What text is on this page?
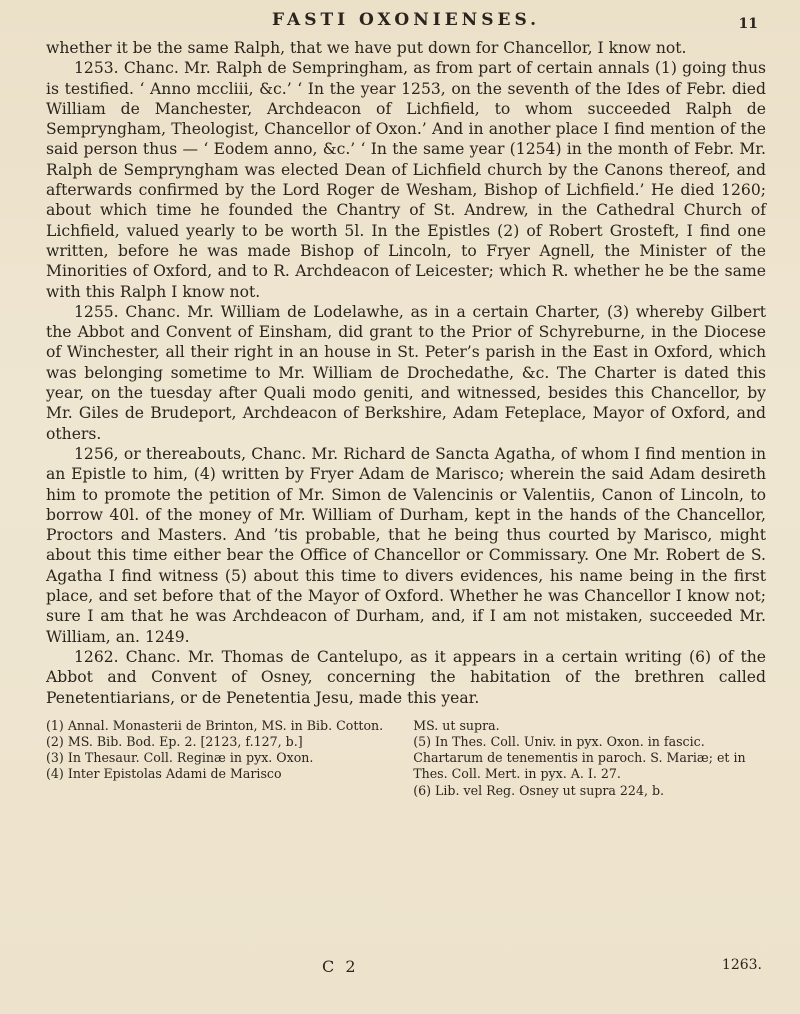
FASTI OXONIENSES.	11

whether it be the same Ralph, that we have put down for Chancellor, I know not.

1253. Chanc. Mr. Ralph de Sempringham, as from part of certain annals (1) going thus is testified. ‘ Anno mccliii, &c.’ ‘ In the year 1253, on the seventh of the Ides of Febr. died William de Manchester, Archdeacon of Lichfield, to whom succeeded Ralph de Sempryngham, Theologist, Chancellor of Oxon.’ And in another place I find mention of the said person thus — ‘ Eodem anno, &c.’ ‘ In the same year (1254) in the month of Febr. Mr. Ralph de Sempryngham was elected Dean of Lichfield church by the Canons thereof, and afterwards confirmed by the Lord Roger de Wesham, Bishop of Lichfield.’ He died 1260; about which time he founded the Chantry of St. Andrew, in the Cathedral Church of Lichfield, valued yearly to be worth 5l. In the Epistles (2) of Robert Grosteft, I find one written, before he was made Bishop of Lincoln, to Fryer Agnell, the Minister of the Minorities of Oxford, and to R. Archdeacon of Leicester; which R. whether he be the same with this Ralph I know not.

1255. Chanc. Mr. William de Lodelawhe, as in a certain Charter, (3) whereby Gilbert the Abbot and Convent of Einsham, did grant to the Prior of Schyreburne, in the Diocese of Winchester, all their right in an house in St. Peter’s parish in the East in Oxford, which was belonging sometime to Mr. William de Drochedathe, &c. The Charter is dated this year, on the tuesday after Quali modo geniti, and witnessed, besides this Chancellor, by Mr. Giles de Brudeport, Archdeacon of Berkshire, Adam Feteplace, Mayor of Oxford, and others.

1256, or thereabouts, Chanc. Mr. Richard de Sancta Agatha, of whom I find mention in an Epistle to him, (4) written by Fryer Adam de Marisco; wherein the said Adam desireth him to promote the petition of Mr. Simon de Valencinis or Valentiis, Canon of Lincoln, to borrow 40l. of the money of Mr. William of Durham, kept in the hands of the Chancellor, Proctors and Masters. And ’tis probable, that he being thus courted by Marisco, might about this time either bear the Office of Chancellor or Commissary. One Mr. Robert de S. Agatha I find witness (5) about this time to divers evidences, his name being in the first place, and set before that of the Mayor of Oxford. Whether he was Chancellor I know not; sure I am that he was Archdeacon of Durham, and, if I am not mistaken, succeeded Mr. William, an. 1249.

1262. Chanc. Mr. Thomas de Cantelupo, as it appears in a certain writing (6) of the Abbot and Convent of Osney, concerning the habitation of the brethren called Penetentiarians, or de Penetentia Jesu, made this year.

(1) Annal. Monasterii de Brinton, MS. in Bib. Cotton.

(2) MS. Bib. Bod. Ep. 2. [2123, f.127, b.]

(3) In Thesaur. Coll. Reginæ in pyx. Oxon.

(4) Inter Epistolas Adami de Marisco

MS. ut supra.

(5) In Thes. Coll. Univ. in pyx. Oxon. in fascic. Chartarum de tenementis in paroch. S. Mariæ; et in Thes. Coll. Mert. in pyx. A. I. 27.

(6) Lib. vel Reg. Osney ut supra 224, b.

C 2	1263.
